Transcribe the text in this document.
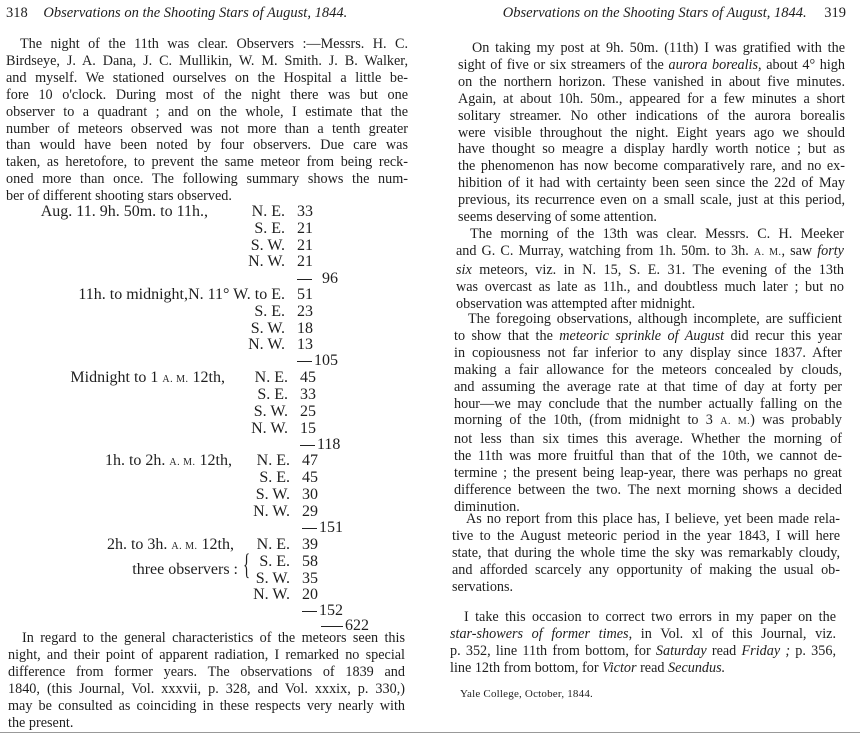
318 Observations on the Shooting Stars of August, 1844.
The night of the 11th was clear. Observers :—Messrs. H. C.
Birdseye, J. A. Dana, J. C. Mullikin, W. M. Smith. J. B. Walker,
and myself. We stationed ourselves on the Hospital a little be-
fore 10 o'clock. During most of the night there was but one
observer to a quadrant ; and on the whole, I estimate that the
number of meteors observed was not more than a tenth greater
than would have been noted by four observers. Due care was
taken, as heretofore, to prevent the same meteor from being reck-
oned more than once. The following summary shows the num-
ber of different shooting stars observed.
Aug. 11. 9h. 50m. to 11h.,	N. E. 33
S. E. 21
S. W. 21
N. W. 21
96
11h. to midnight, N. 11° W. to E. 51
S. E. 23
S. W. 18
N. W. 13
105
Midnight to 1 A. M. 12th,	N. E. 45
S. E. 33
S. W. 25
N. W. 15
118
1h. to 2h. A. M. 12th,	N. E. 47
S. E. 45
S. W. 30
N. W. 29
151
2h. to 3h. A. M. 12th,	N. E. 39
three observers : { S. E. 58
S. W. 35
N. W. 20
152
622
In regard to the general characteristics of the meteors seen this
night, and their point of apparent radiation, I remarked no special
difference from former years. The observations of 1839 and
1840, (this Journal, Vol. xxxvii, p. 328, and Vol. xxxix, p. 330,)
may be consulted as coinciding in these respects very nearly with
the present.
Observations on the Shooting Stars of August, 1844. 319
On taking my post at 9h. 50m. (11th) I was gratified with the
sight of five or six streamers of the aurora borealis, about 4° high
on the northern horizon. These vanished in about five minutes.
Again, at about 10h. 50m., appeared for a few minutes a short
solitary streamer. No other indications of the aurora borealis
were visible throughout the night. Eight years ago we should
have thought so meagre a display hardly worth notice ; but as
the phenomenon has now become comparatively rare, and no ex-
hibition of it had with certainty been seen since the 22d of May
previous, its recurrence even on a small scale, just at this period,
seems deserving of some attention.
The morning of the 13th was clear. Messrs. C. H. Meeker
and G. C. Murray, watching from 1h. 50m. to 3h. A. M., saw forty
six meteors, viz. in N. 15, S. E. 31. The evening of the 13th
was overcast as late as 11h., and doubtless much later ; but no
observation was attempted after midnight.
The foregoing observations, although incomplete, are sufficient
to show that the meteoric sprinkle of August did recur this year
in copiousness not far inferior to any display since 1837. After
making a fair allowance for the meteors concealed by clouds,
and assuming the average rate at that time of day at forty per
hour—we may conclude that the number actually falling on the
morning of the 10th, (from midnight to 3 A. M.) was probably
not less than six times this average. Whether the morning of
the 11th was more fruitful than that of the 10th, we cannot de-
termine ; the present being leap-year, there was perhaps no great
difference between the two. The next morning shows a decided
diminution.
As no report from this place has, I believe, yet been made rela-
tive to the August meteoric period in the year 1843, I will here
state, that during the whole time the sky was remarkably cloudy,
and afforded scarcely any opportunity of making the usual ob-
servations.
I take this occasion to correct two errors in my paper on the
star-showers of former times, in Vol. xl of this Journal, viz.
p. 352, line 11th from bottom, for Saturday read Friday ; p. 356,
line 12th from bottom, for Victor read Secundus.
Yale College, October, 1844.
